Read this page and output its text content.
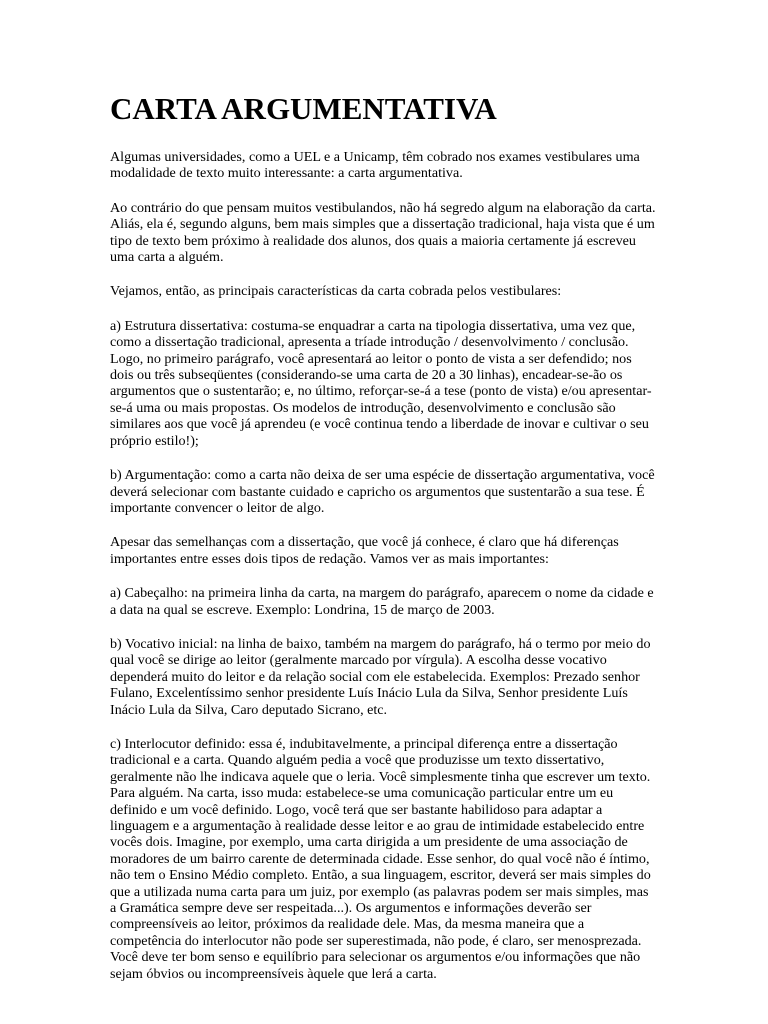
CARTA ARGUMENTATIVA

Algumas universidades, como a UEL e a Unicamp, têm cobrado nos exames vestibulares uma modalidade de texto muito interessante: a carta argumentativa.

Ao contrário do que pensam muitos vestibulandos, não há segredo algum na elaboração da carta. Aliás, ela é, segundo alguns, bem mais simples que a dissertação tradicional, haja vista que é um tipo de texto bem próximo à realidade dos alunos, dos quais a maioria certamente já escreveu uma carta a alguém.

Vejamos, então, as principais características da carta cobrada pelos vestibulares:

a) Estrutura dissertativa: costuma-se enquadrar a carta na tipologia dissertativa, uma vez que, como a dissertação tradicional, apresenta a tríade introdução / desenvolvimento / conclusão. Logo, no primeiro parágrafo, você apresentará ao leitor o ponto de vista a ser defendido; nos dois ou três subseqüentes (considerando-se uma carta de 20 a 30 linhas), encadear-se-ão os argumentos que o sustentarão; e, no último, reforçar-se-á a tese (ponto de vista) e/ou apresentar-se-á uma ou mais propostas. Os modelos de introdução, desenvolvimento e conclusão são similares aos que você já aprendeu (e você continua tendo a liberdade de inovar e cultivar o seu próprio estilo!);

b) Argumentação: como a carta não deixa de ser uma espécie de dissertação argumentativa, você deverá selecionar com bastante cuidado e capricho os argumentos que sustentarão a sua tese. É importante convencer o leitor de algo.

Apesar das semelhanças com a dissertação, que você já conhece, é claro que há diferenças importantes entre esses dois tipos de redação. Vamos ver as mais importantes:

a) Cabeçalho: na primeira linha da carta, na margem do parágrafo, aparecem o nome da cidade e a data na qual se escreve. Exemplo: Londrina, 15 de março de 2003.

b) Vocativo inicial: na linha de baixo, também na margem do parágrafo, há o termo por meio do qual você se dirige ao leitor (geralmente marcado por vírgula). A escolha desse vocativo dependerá muito do leitor e da relação social com ele estabelecida. Exemplos: Prezado senhor Fulano, Excelentíssimo senhor presidente Luís Inácio Lula da Silva, Senhor presidente Luís Inácio Lula da Silva, Caro deputado Sicrano, etc.

c) Interlocutor definido: essa é, indubitavelmente, a principal diferença entre a dissertação tradicional e a carta. Quando alguém pedia a você que produzisse um texto dissertativo, geralmente não lhe indicava aquele que o leria. Você simplesmente tinha que escrever um texto. Para alguém. Na carta, isso muda: estabelece-se uma comunicação particular entre um eu definido e um você definido. Logo, você terá que ser bastante habilidoso para adaptar a linguagem e a argumentação à realidade desse leitor e ao grau de intimidade estabelecido entre vocês dois. Imagine, por exemplo, uma carta dirigida a um presidente de uma associação de moradores de um bairro carente de determinada cidade. Esse senhor, do qual você não é íntimo, não tem o Ensino Médio completo. Então, a sua linguagem, escritor, deverá ser mais simples do que a utilizada numa carta para um juiz, por exemplo (as palavras podem ser mais simples, mas a Gramática sempre deve ser respeitada...). Os argumentos e informações deverão ser compreensíveis ao leitor, próximos da realidade dele. Mas, da mesma maneira que a competência do interlocutor não pode ser superestimada, não pode, é claro, ser menosprezada. Você deve ter bom senso e equilíbrio para selecionar os argumentos e/ou informações que não sejam óbvios ou incompreensíveis àquele que lerá a carta.
